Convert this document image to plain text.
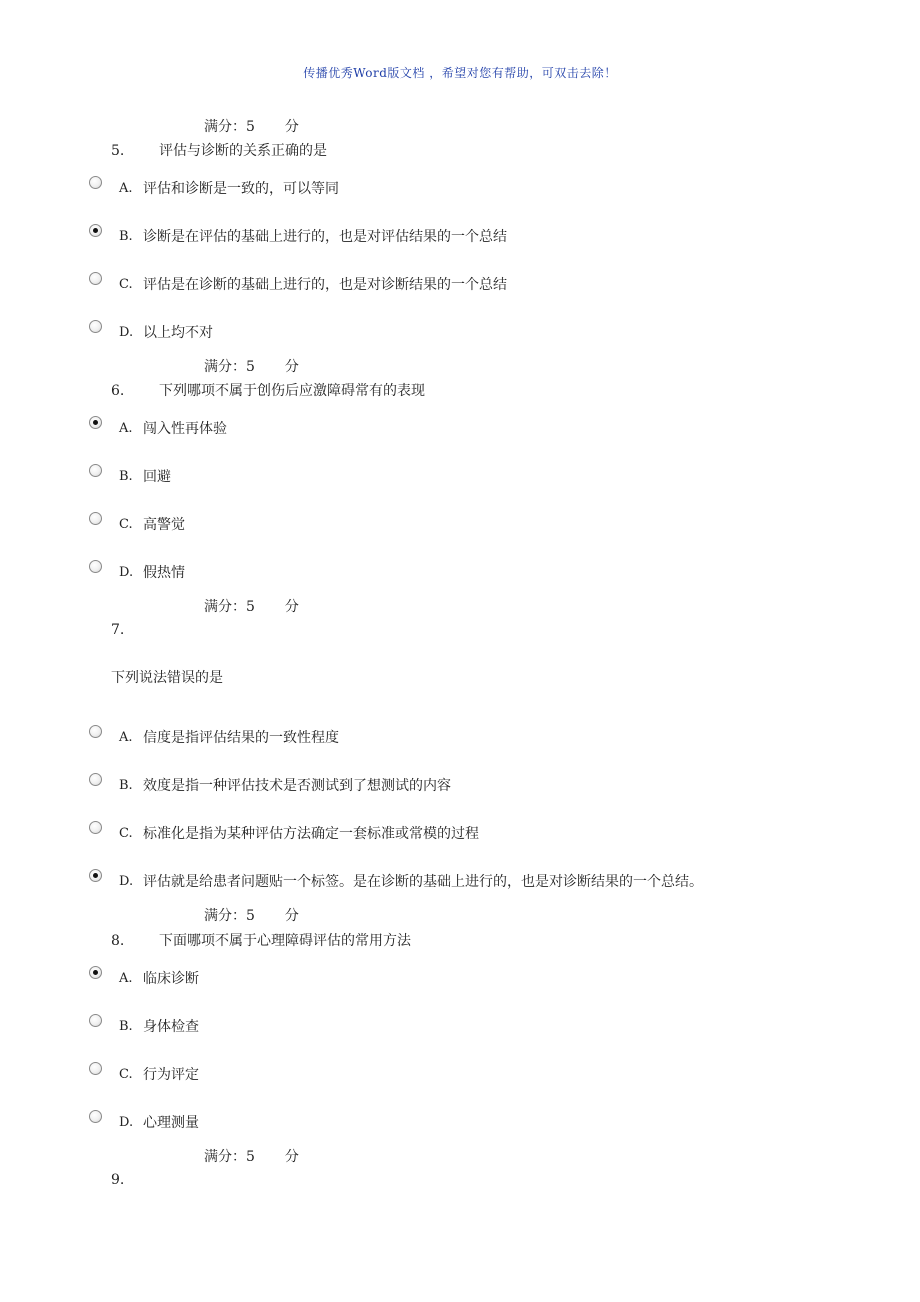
传播优秀Word版文档 ，希望对您有帮助，可双击去除！
满分：5 分
5. 评估与诊断的关系正确的是
A. 评估和诊断是一致的，可以等同
B. 诊断是在评估的基础上进行的，也是对评估结果的一个总结
C. 评估是在诊断的基础上进行的，也是对诊断结果的一个总结
D. 以上均不对
满分：5 分
6. 下列哪项不属于创伤后应激障碍常有的表现
A. 闯入性再体验
B. 回避
C. 高警觉
D. 假热情
满分：5 分
7.
下列说法错误的是
A. 信度是指评估结果的一致性程度
B. 效度是指一种评估技术是否测试到了想测试的内容
C. 标准化是指为某种评估方法确定一套标准或常模的过程
D. 评估就是给患者问题贴一个标签。是在诊断的基础上进行的，也是对诊断结果的一个总结。
满分：5 分
8. 下面哪项不属于心理障碍评估的常用方法
A. 临床诊断
B. 身体检查
C. 行为评定
D. 心理测量
满分：5 分
9.
